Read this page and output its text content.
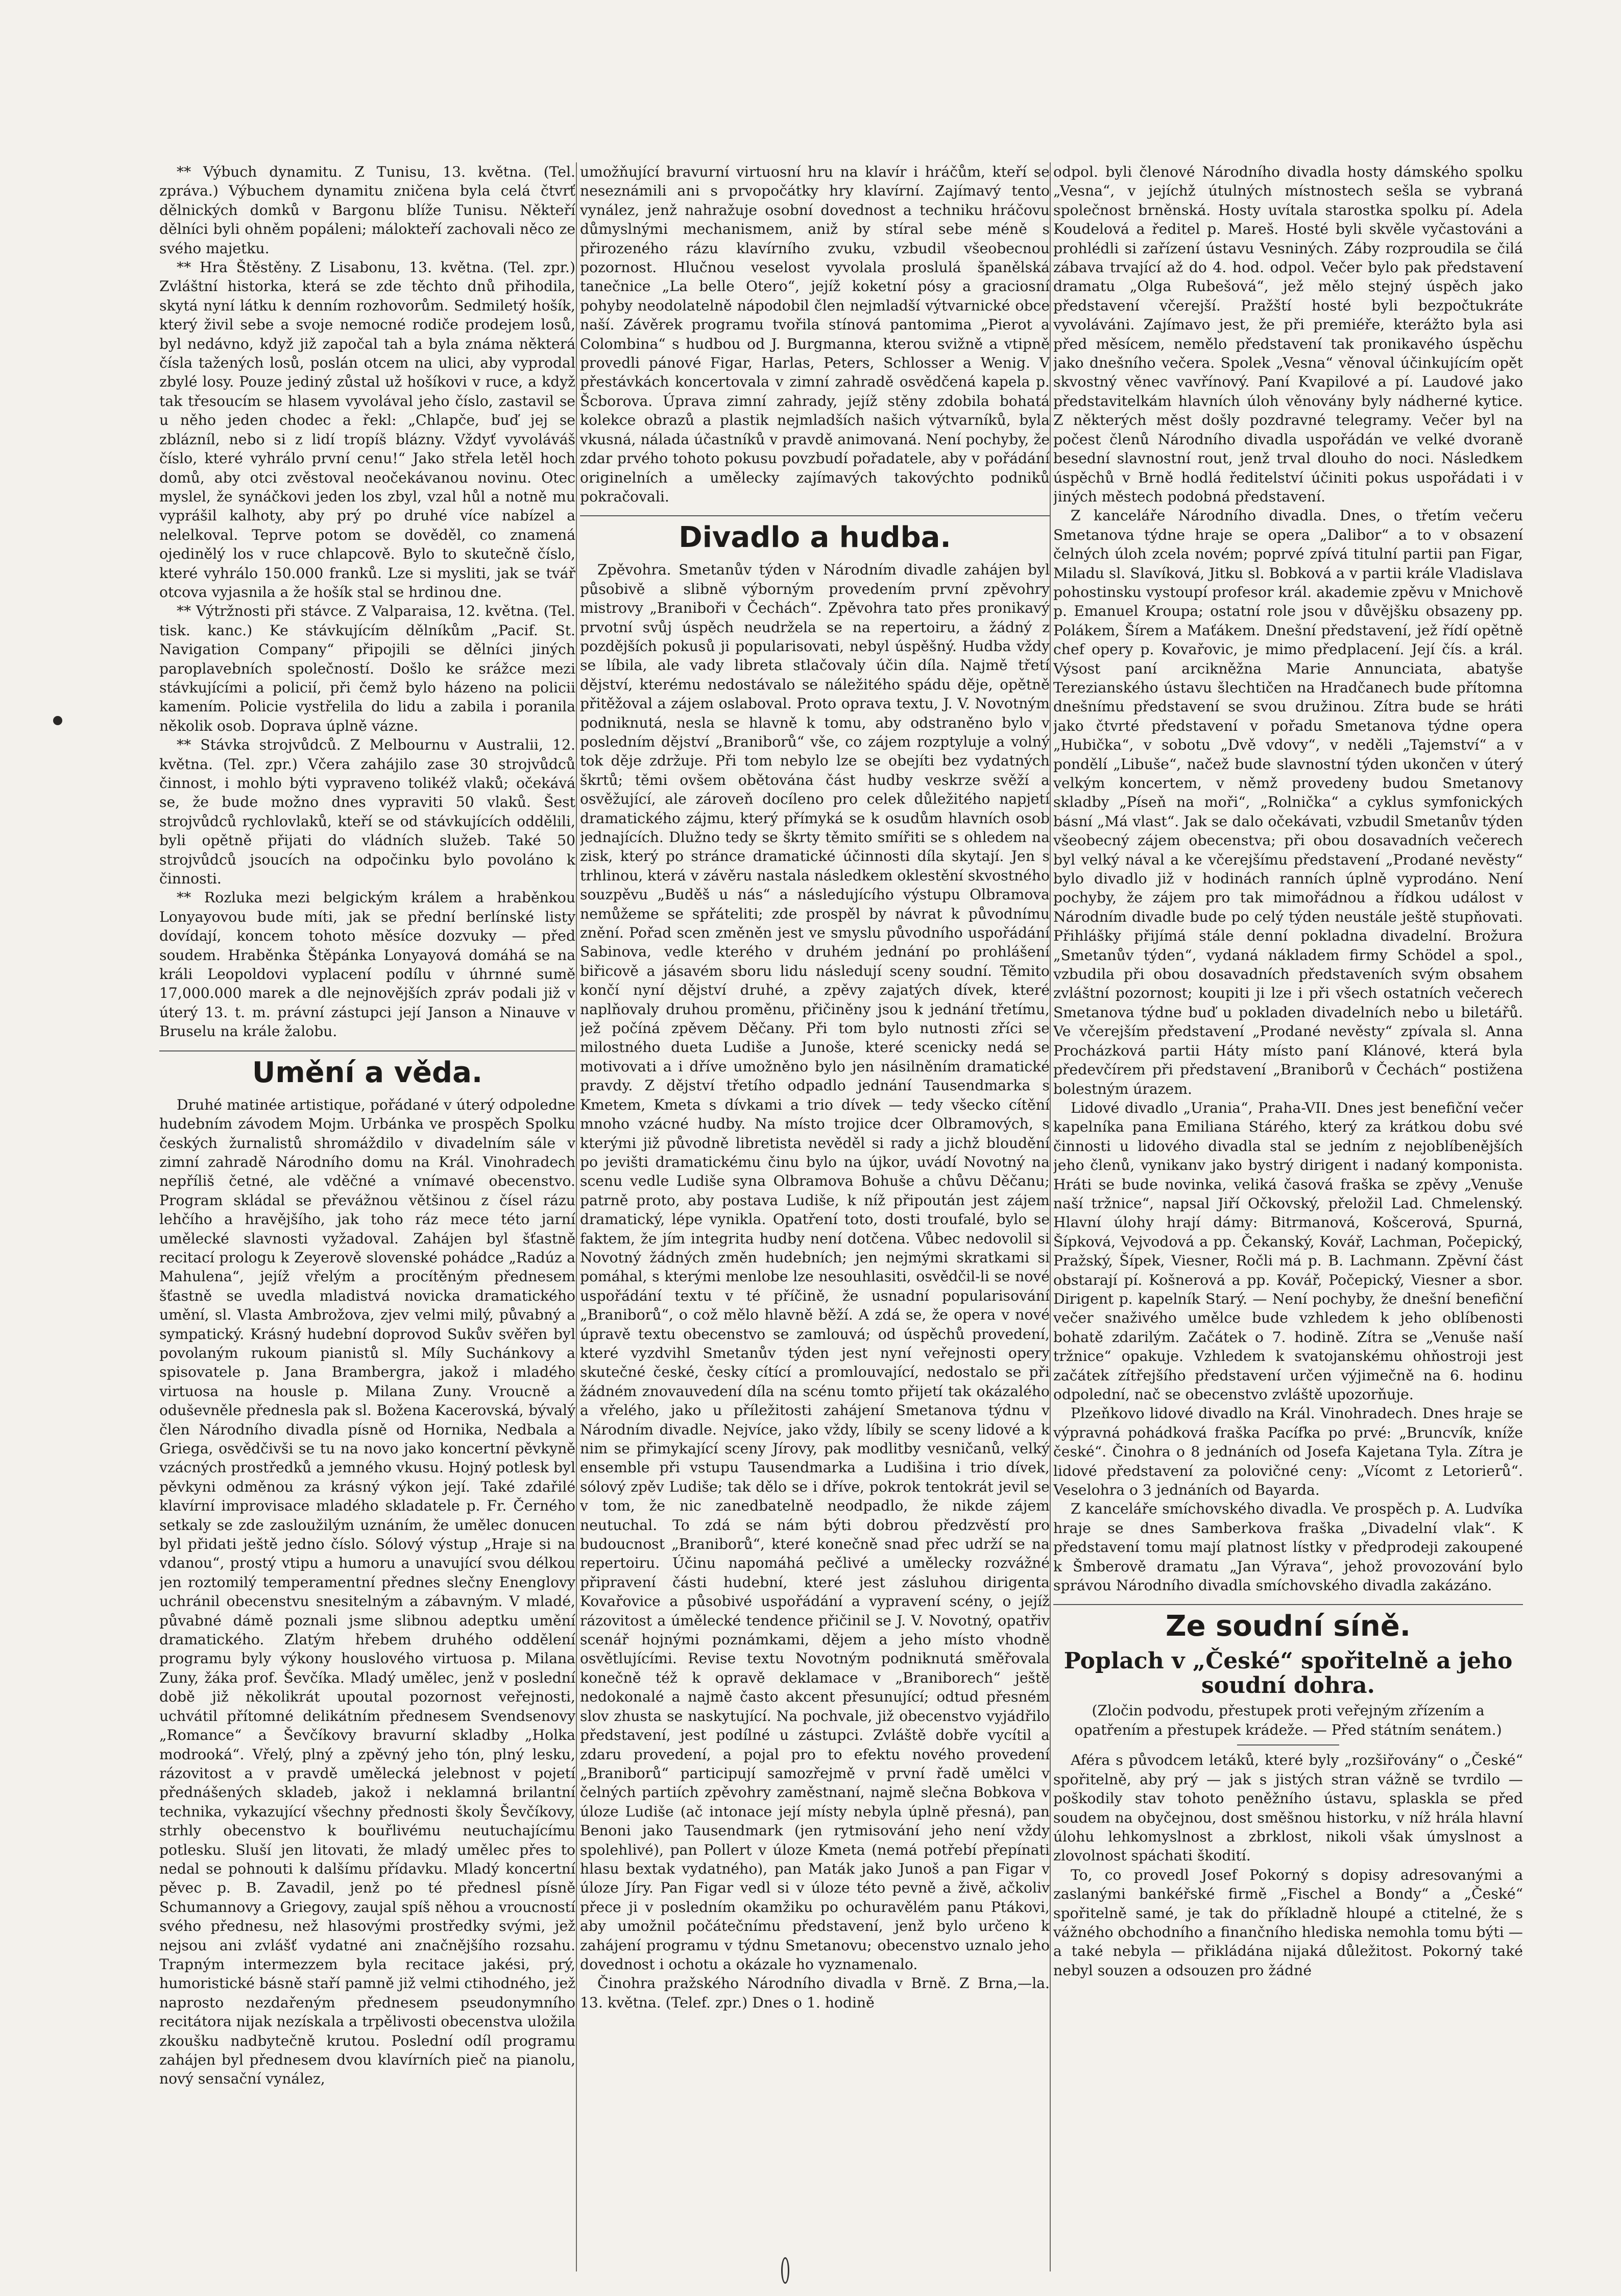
** Výbuch dynamitu. Z Tunisu, 13. května. (Tel. zpráva.) Výbuchem dynamitu zničena byla celá čtvrť dělnických domků v Bargonu blíže Tunisu. Někteří dělníci byli ohněm popáleni; málokteří zachovali něco ze svého majetku.

** Hra Štěstěny. Z Lisabonu, 13. května. (Tel. zpr.) Zvláštní historka, která se zde těchto dnů přihodila, skytá nyní látku k denním rozhovorům. Sedmiletý hošík, který živil sebe a svoje nemocné rodiče prodejem losů, byl nedávno, když již započal tah a byla známa některá čísla tažených losů, poslán otcem na ulici, aby vyprodal zbylé losy. Pouze jediný zůstal už hošíkovi v ruce, a když tak třesoucím se hlasem vyvolával jeho číslo, zastavil se u něho jeden chodec a řekl: „Chlapče, buď jej se zblázníl, nebo si z lidí tropíš blázny. Vždyť vyvoláváš číslo, které vyhrálo první cenu!“ Jako střela letěl hoch domů, aby otci zvěstoval neočekávanou novinu. Otec myslel, že synáčkovi jeden los zbyl, vzal hůl a notně mu vyprášil kalhoty, aby prý po druhé více nabízel a nelelkoval. Teprve potom se dověděl, co znamená ojedinělý los v ruce chlapcově. Bylo to skutečně číslo, které vyhrálo 150.000 franků. Lze si mysliti, jak se tvář otcova vyjasnila a že hošík stal se hrdinou dne.

** Výtržnosti při stávce. Z Valparaisa, 12. května. (Tel. tisk. kanc.) Ke stávkujícím dělníkům „Pacif. St. Navigation Company“ připojili se dělníci jiných paroplavebních společností. Došlo ke srážce mezi stávkujícími a policií, při čemž bylo házeno na policii kamením. Policie vystřelila do lidu a zabila i poranila několik osob. Doprava úplně vázne.

** Stávka strojvůdců. Z Melbournu v Australii, 12. května. (Tel. zpr.) Včera zahájilo zase 30 strojvůdců činnost, i mohlo býti vypraveno tolikéž vlaků; očekává se, že bude možno dnes vypraviti 50 vlaků. Šest strojvůdců rychlovlaků, kteří se od stávkujících oddělili, byli opětně přijati do vládních služeb. Také 50 strojvůdců jsoucích na odpočinku bylo povoláno k činnosti.

** Rozluka mezi belgickým králem a hraběnkou Lonyayovou bude míti, jak se přední berlínské listy dovídají, koncem tohoto měsíce dozvuky — před soudem. Hraběnka Štěpánka Lonyayová domáhá se na králi Leopoldovi vyplacení podílu v úhrnné sumě 17,000.000 marek a dle nejnovějších zpráv podali již v úterý 13. t. m. právní zástupci její Janson a Ninauve v Bruselu na krále žalobu.

Umění a věda.

Druhé matinée artistique, pořádané v úterý odpoledne hudebním závodem Mojm. Urbánka ve prospěch Spolku českých žurnalistů shromáždilo v divadelním sále v zimní zahradě Národního domu na Král. Vinohradech nepříliš četné, ale vděčné a vnímavé obecenstvo. Program skládal se převážnou většinou z čísel rázu lehčího a hravějšího, jak toho ráz mece této jarní umělecké slavnosti vyžadoval. Zahájen byl šťastně recitací prologu k Zeyerově slovenské pohádce „Radúz a Mahulena“, jejíž vřelým a procítěným přednesem šťastně se uvedla mladistvá novicka dramatického umění, sl. Vlasta Ambrožova, zjev velmi milý, půvabný a sympatický. Krásný hudební doprovod Sukův svěřen byl povolaným rukoum pianistů sl. Míly Suchánkovy a spisovatele p. Jana Brambergra, jakož i mladého virtuosa na housle p. Milana Zuny. Vroucně a oduševněle přednesla pak sl. Božena Kacerovská, bývalý člen Národního divadla písně od Hornika, Nedbala a Griega, osvědčivši se tu na novo jako koncertní pěvkyně vzácných prostředků a jemného vkusu. Hojný potlesk byl pěvkyni odměnou za krásný výkon její. Také zdařilé klavírní improvisace mladého skladatele p. Fr. Černého setkaly se zde zasloužilým uznáním, že umělec donucen byl přidati ještě jedno číslo. Sólový výstup „Hraje si na vdanou“, prostý vtipu a humoru a unavující svou délkou jen roztomilý temperamentní přednes slečny Enenglovy uchránil obecenstvu snesitelným a zábavným. V mladé, půvabné dámě poznali jsme slibnou adeptku umění dramatického. Zlatým hřebem druhého oddělení programu byly výkony houslového virtuosa p. Milana Zuny, žáka prof. Ševčíka. Mladý umělec, jenž v poslední době již několikrát upoutal pozornost veřejnosti, uchvátil přítomné delikátním přednesem Svendsenovy „Romance“ a Ševčíkovy bravurní skladby „Holka modrooká“. Vřelý, plný a zpěvný jeho tón, plný lesku, rázovitost a v pravdě umělecká jelebnost v pojetí přednášených skladeb, jakož i neklamná brilantní technika, vykazující všechny přednosti školy Ševčíkovy, strhly obecenstvo k bouřlivému neutuchajícímu potlesku. Sluší jen litovati, že mladý umělec přes to nedal se pohnouti k dalšímu přídavku. Mladý koncertní pěvec p. B. Zavadil, jenž po té přednesl písně Schumannovy a Griegovy, zaujal spíš něhou a vroucností svého přednesu, než hlasovými prostředky svými, jež nejsou ani zvlášť vydatné ani značnějšího rozsahu. Trapným intermezzem byla recitace jakési, prý, humoristické básně staří pamně již velmi ctihodného, jež naprosto nezdařeným přednesem pseudonymního recitátora nijak nezískala a trpělivosti obecenstva uložila zkoušku nadbytečně krutou. Poslední odíl programu zahájen byl přednesem dvou klavírních pieč na pianolu, nový sensační vynález,

umožňující bravurní virtuosní hru na klavír i hráčům, kteří se neseznámili ani s prvopočátky hry klavírní. Zajímavý tento vynález, jenž nahražuje osobní dovednost a techniku hráčovu důmyslnými mechanismem, aniž by stíral sebe méně s přirozeného rázu klavírního zvuku, vzbudil všeobecnou pozornost. Hlučnou veselost vyvolala proslulá španělská tanečnice „La belle Otero“, jejíž koketní pósy a graciosní pohyby neodolatelně nápodobil člen nejmladší výtvarnické obce naší. Závěrek programu tvořila stínová pantomima „Pierot a Colombina“ s hudbou od J. Burgmanna, kterou svižně a vtipně provedli pánové Figar, Harlas, Peters, Schlosser a Wenig. V přestávkách koncertovala v zimní zahradě osvědčená kapela p. Šcborova. Úprava zimní zahrady, jejíž stěny zdobila bohatá kolekce obrazů a plastik nejmladších našich výtvarníků, byla vkusná, nálada účastníků v pravdě animovaná. Není pochyby, že zdar prvého tohoto pokusu povzbudí pořadatele, aby v pořádání originelních a umělecky zajímavých takovýchto podniků pokračovali.

Divadlo a hudba.

Zpěvohra. Smetanův týden v Národním divadle zahájen byl působivě a slibně výborným provedením první zpěvohry mistrovy „Braniboři v Čechách“. Zpěvohra tato přes pronikavý prvotní svůj úspěch neudržela se na repertoiru, a žádný z pozdějších pokusů ji popularisovati, nebyl úspěšný. Hudba vždy se líbila, ale vady libreta stlačovaly účin díla. Najmě třetí dějství, kterému nedostávalo se náležitého spádu děje, opětně přitěžoval a zájem oslaboval. Proto oprava textu, J. V. Novotným podniknutá, nesla se hlavně k tomu, aby odstraněno bylo v posledním dějství „Braniborů“ vše, co zájem rozptyluje a volný tok děje zdržuje. Při tom nebylo lze se obejíti bez vydatných škrtů; těmi ovšem obětována část hudby veskrze svěží a osvěžující, ale zároveň docíleno pro celek důležitého napjetí dramatického zájmu, který přímyká se k osudům hlavních osob jednajících. Dlužno tedy se škrty těmito smířiti se s ohledem na zisk, který po stránce dramatické účinnosti díla skytají. Jen s trhlinou, která v závěru nastala následkem oklestění skvostného souzpěvu „Buděš u nás“ a následujícího výstupu Olbramova nemůžeme se spřáteliti; zde prospěl by návrat k původnímu znění. Pořad scen změněn jest ve smyslu původního uspořádání Sabinova, vedle kterého v druhém jednání po prohlášení biřicově a jásavém sboru lidu následují sceny soudní. Těmito končí nyní dějství druhé, a zpěvy zajatých dívek, které naplňovaly druhou proměnu, přičiněny jsou k jednání třetímu, jež počíná zpěvem Děčany. Při tom bylo nutnosti zříci se milostného dueta Ludiše a Junoše, které scenicky nedá se motivovati a i dříve umožněno bylo jen násilněním dramatické pravdy. Z dějství třetího odpadlo jednání Tausendmarka s Kmetem, Kmeta s dívkami a trio dívek — tedy všecko cítění mnoho vzácné hudby. Na místo trojice dcer Olbramových, s kterými již původně libretista nevěděl si rady a jichž bloudění po jevišti dramatickému činu bylo na újkor, uvádí Novotný na scenu vedle Ludiše syna Olbramova Bohuše a chůvu Děčanu; patrně proto, aby postava Ludiše, k níž připoután jest zájem dramatický, lépe vynikla. Opatření toto, dosti troufalé, bylo se faktem, že jím integrita hudby není dotčena. Vůbec nedovolil si Novotný žádných změn hudebních; jen nejmými skratkami si pomáhal, s kterými menlobe lze nesouhlasiti, osvědčil-li se nové uspořádání textu v té příčině, že usnadní popularisování „Braniborů“, o což mělo hlavně běží. A zdá se, že opera v nové úpravě textu obecenstvo se zamlouvá; od úspěchů provedení, které vyzdvihl Smetanův týden jest nyní veřejnosti opery skutečné české, česky cítící a promlouvající, nedostalo se při žádném znovauvedení díla na scénu tomto přijetí tak okázalého a vřelého, jako u příležitosti zahájení Smetanova týdnu v Národním divadle. Nejvíce, jako vždy, líbily se sceny lidové a k nim se přimykající sceny Jírovy, pak modlitby vesničanů, velký ensemble při vstupu Tausendmarka a Ludišina i trio dívek, sólový zpěv Ludiše; tak dělo se i dříve, pokrok tentokrát jevil se v tom, že nic zanedbatelně neodpadlo, že nikde zájem neutuchal. To zdá se nám býti dobrou předzvěstí pro budoucnost „Braniborů“, které konečně snad přec udrží se na repertoiru. Účinu napomáhá pečlivé a umělecky rozvážné připravení části hudební, které jest zásluhou dirigenta Kovařovice a působivé uspořádání a vypravení scény, o jejíž rázovitost a úmělecké tendence přičinil se J. V. Novotný, opatřiv scenář hojnými poznámkami, dějem a jeho místo vhodně osvětlujícími. Revise textu Novotným podniknutá směřovala konečně též k opravě deklamace v „Braniborech“ ještě nedokonalé a najmě často akcent přesunující; odtud přesném slov zhusta se naskytující. Na pochvale, již obecenstvo vyjádřilo představení, jest podílné u zástupci. Zvláště dobře vycítil a zdaru provedení, a pojal pro to efektu nového provedení „Braniborů“ participují samozřejmě v první řadě umělci v čelných partiích zpěvohry zaměstnaní, najmě slečna Bobkova v úloze Ludiše (ač intonace její místy nebyla úplně přesná), pan Benoni jako Tausendmark (jen rytmisování jeho není vždy spolehlivé), pan Pollert v úloze Kmeta (nemá potřebí přepínati hlasu bextak vydatného), pan Maták jako Junoš a pan Figar v úloze Jíry. Pan Figar vedl si v úloze této pevně a živě, ačkoliv přece ji v posledním okamžiku po ochuravělém panu Ptákovi, aby umožnil počátečnímu představení, jenž bylo určeno k zahájení programu v týdnu Smetanovu; obecenstvo uznalo jeho dovednost i ochotu a okázale ho vyznamenalo.

—la.

Činohra pražského Národního divadla v Brně. Z Brna, 13. května. (Telef. zpr.) Dnes o 1. hodině

odpol. byli členové Národního divadla hosty dámského spolku „Vesna“, v jejíchž útulných místnostech sešla se vybraná společnost brněnská. Hosty uvítala starostka spolku pí. Adela Koudelová a ředitel p. Mareš. Hosté byli skvěle vyčastováni a prohlédli si zařízení ústavu Vesniných. Záby rozproudila se čilá zábava trvající až do 4. hod. odpol. Večer bylo pak představení dramatu „Olga Rubešová“, jež mělo stejný úspěch jako představení včerejší. Pražští hosté byli bezpočtukráte vyvoláváni. Zajímavo jest, že při premiéře, kterážto byla asi před měsícem, nemělo představení tak pronikavého úspěchu jako dnešního večera. Spolek „Vesna“ věnoval účinkujícím opět skvostný věnec vavřínový. Paní Kvapilové a pí. Laudové jako představitelkám hlavních úloh věnovány byly nádherné kytice. Z některých měst došly pozdravné telegramy. Večer byl na počest členů Národního divadla uspořádán ve velké dvoraně besední slavnostní rout, jenž trval dlouho do noci. Následkem úspěchů v Brně hodlá ředitelství účiniti pokus uspořádati i v jiných městech podobná představení.

Z kanceláře Národního divadla. Dnes, o třetím večeru Smetanova týdne hraje se opera „Dalibor“ a to v obsazení čelných úloh zcela novém; poprvé zpívá titulní partii pan Figar, Miladu sl. Slavíková, Jitku sl. Bobková a v partii krále Vladislava pohostinsku vystoupí profesor král. akademie zpěvu v Mnichově p. Emanuel Kroupa; ostatní role jsou v důvějšku obsazeny pp. Polákem, Šírem a Maťákem. Dnešní představení, jež řídí opětně chef opery p. Kovařovic, je mimo předplacení. Její čís. a král. Výsost paní arcikněžna Marie Annunciata, abatyše Terezianského ústavu šlechtičen na Hradčanech bude přítomna dnešnímu představení se svou družinou. Zítra bude se hráti jako čtvrté představení v pořadu Smetanova týdne opera „Hubička“, v sobotu „Dvě vdovy“, v neděli „Tajemství“ a v pondělí „Libuše“, načež bude slavnostní týden ukončen v úterý velkým koncertem, v němž provedeny budou Smetanovy skladby „Píseň na moři“, „Rolnička“ a cyklus symfonických básní „Má vlast“. Jak se dalo očekávati, vzbudil Smetanův týden všeobecný zájem obecenstva; při obou dosavadních večerech byl velký nával a ke včerejšímu představení „Prodané nevěsty“ bylo divadlo již v hodinách ranních úplně vyprodáno. Není pochyby, že zájem pro tak mimořádnou a řídkou událost v Národním divadle bude po celý týden neustále ještě stupňovati. Přihlášky přijímá stále denní pokladna divadelní. Brožura „Smetanův týden“, vydaná nákladem firmy Schödel a spol., vzbudila při obou dosavadních představeních svým obsahem zvláštní pozornost; koupiti ji lze i při všech ostatních večerech Smetanova týdne buď u pokladen divadelních nebo u biletářů. Ve včerejším představení „Prodané nevěsty“ zpívala sl. Anna Procházková partii Háty místo paní Klánové, která byla předevčírem při představení „Braniborů v Čechách“ postižena bolestným úrazem.

Lidové divadlo „Urania“, Praha-VII. Dnes jest benefiční večer kapelníka pana Emiliana Stárého, který za krátkou dobu své činnosti u lidového divadla stal se jedním z nejoblíbenějších jeho členů, vynikanv jako bystrý dirigent i nadaný komponista. Hráti se bude novinka, veliká časová fraška se zpěvy „Venuše naší tržnice“, napsal Jiří Očkovský, přeložil Lad. Chmelenský. Hlavní úlohy hrají dámy: Bitrmanová, Košcerová, Spurná, Šípková, Vejvodová a pp. Čekanský, Kovář, Lachman, Počepický, Pražský, Šípek, Viesner, Ročli má p. B. Lachmann. Zpěvní část obstarají pí. Košnerová a pp. Kovář, Počepický, Viesner a sbor. Dirigent p. kapelník Starý. — Není pochyby, že dnešní benefiční večer snaživého umělce bude vzhledem k jeho oblíbenosti bohatě zdarilým. Začátek o 7. hodině. Zítra se „Venuše naší tržnice“ opakuje. Vzhledem k svatojanskému ohňostroji jest začátek zítřejšího představení určen výjimečně na 6. hodinu odpolední, nač se obecenstvo zvláště upozorňuje.

Plzeňkovo lidové divadlo na Král. Vinohradech. Dnes hraje se výpravná pohádková fraška Pacífka po prvé: „Bruncvík, kníže české“. Činohra o 8 jednáních od Josefa Kajetana Tyla. Zítra je lidové představení za polovičné ceny: „Vícomt z Letorierů“. Veselohra o 3 jednáních od Bayarda.

Z kanceláře smíchovského divadla. Ve prospěch p. A. Ludvíka hraje se dnes Samberkova fraška „Divadelní vlak“. K představení tomu mají platnost lístky v předprodeji zakoupené k Šmberově dramatu „Jan Výrava“, jehož provozování bylo správou Národního divadla smíchovského divadla zakázáno.

Ze soudní síně.
Poplach v „České“ spořitelně a jeho soudní dohra.

(Zločin podvodu, přestupek proti veřejným zřízením a opatřením a přestupek krádeže. — Před státním senátem.)

Aféra s původcem letáků, které byly „rozšiřovány“ o „České“ spořitelně, aby prý — jak s jistých stran vážně se tvrdilo — poškodily stav tohoto peněžního ústavu, splaskla se před soudem na obyčejnou, dost směšnou historku, v níž hrála hlavní úlohu lehkomyslnost a zbrklost, nikoli však úmyslnost a zlovolnost spáchati škodití.

To, co provedl Josef Pokorný s dopisy adresovanými a zaslanými bankéřské firmě „Fischel a Bondy“ a „České“ spořitelně samé, je tak do příkladně hloupé a ctitelné, že s vážného obchodního a finančního hlediska nemohla tomu býti — a také nebyla — přikládána nijaká důležitost. Pokorný také nebyl souzen a odsouzen pro žádné
